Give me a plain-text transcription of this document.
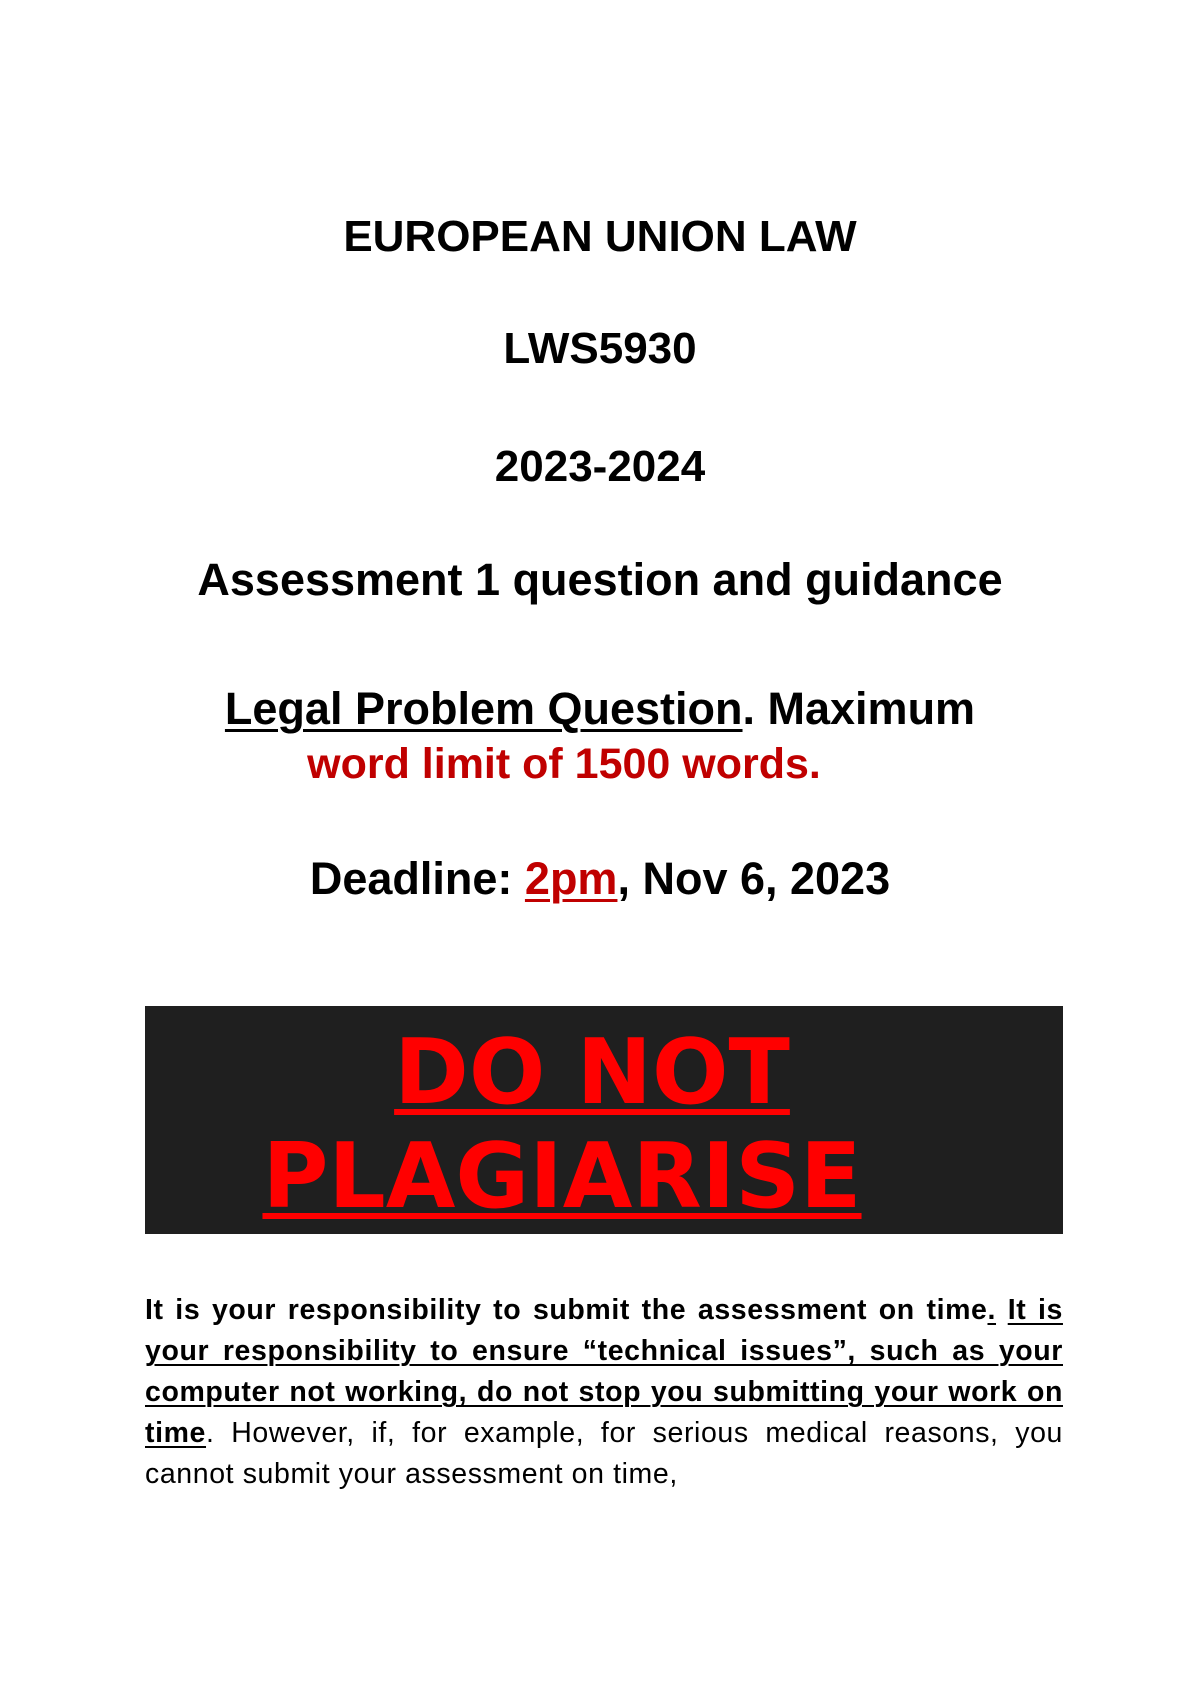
EUROPEAN UNION LAW
LWS5930
2023-2024
Assessment 1 question and guidance
Legal Problem Question. Maximum
word limit of 1500 words.
Deadline: 2pm, Nov 6, 2023
DO NOT
PLAGIARISE
It is your responsibility to submit the assessment on time. It is your responsibility to ensure “technical issues”, such as your computer not working, do not stop you submitting your work on time. However, if, for example, for serious medical reasons, you cannot submit your assessment on time,
